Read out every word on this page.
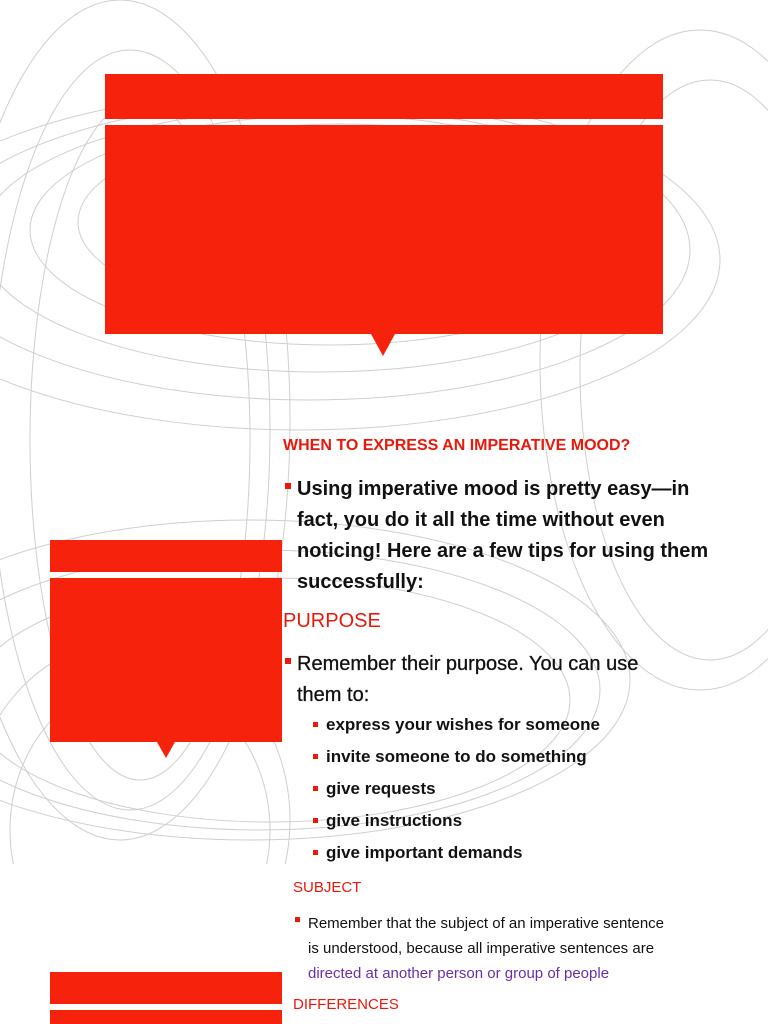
WHEN TO EXPRESS AN IMPERATIVE MOOD?
Using imperative mood is pretty easy—in
fact, you do it all the time without even
noticing! Here are a few tips for using them
successfully:
PURPOSE
Remember their purpose. You can use
them to:
express your wishes for someone
invite someone to do something
give requests
give instructions
give important demands
SUBJECT
Remember that the subject of an imperative sentence
is understood, because all imperative sentences are
directed at another person or group of people
DIFFERENCES
